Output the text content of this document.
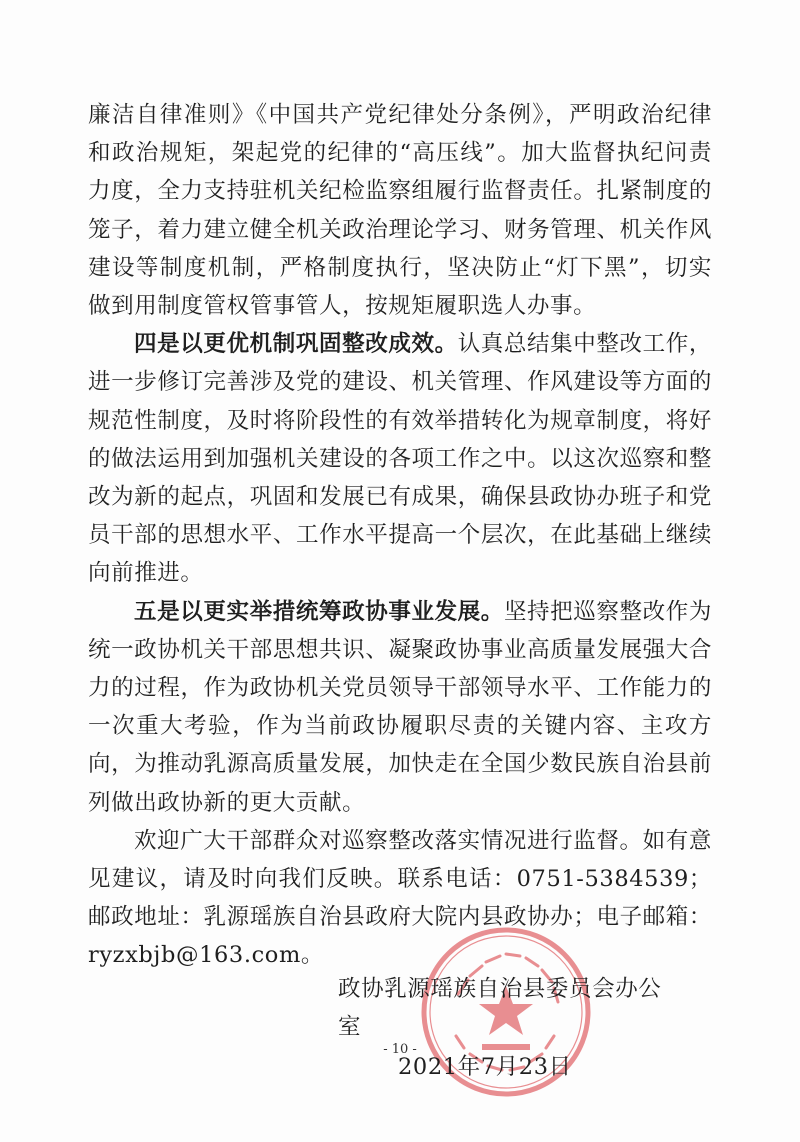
廉洁自律准则》《中国共产党纪律处分条例》，严明政治纪律和政治规矩，架起党的纪律的“高压线”。加大监督执纪问责力度，全力支持驻机关纪检监察组履行监督责任。扎紧制度的笼子，着力建立健全机关政治理论学习、财务管理、机关作风建设等制度机制，严格制度执行，坚决防止“灯下黑”，切实做到用制度管权管事管人，按规矩履职选人办事。

四是以更优机制巩固整改成效。认真总结集中整改工作，进一步修订完善涉及党的建设、机关管理、作风建设等方面的规范性制度，及时将阶段性的有效举措转化为规章制度，将好的做法运用到加强机关建设的各项工作之中。以这次巡察和整改为新的起点，巩固和发展已有成果，确保县政协办班子和党员干部的思想水平、工作水平提高一个层次，在此基础上继续向前推进。

五是以更实举措统筹政协事业发展。坚持把巡察整改作为统一政协机关干部思想共识、凝聚政协事业高质量发展强大合力的过程，作为政协机关党员领导干部领导水平、工作能力的一次重大考验，作为当前政协履职尽责的关键内容、主攻方向，为推动乳源高质量发展，加快走在全国少数民族自治县前列做出政协新的更大贡献。

欢迎广大干部群众对巡察整改落实情况进行监督。如有意见建议，请及时向我们反映。联系电话：0751-5384539；邮政地址：乳源瑶族自治县政府大院内县政协办；电子邮箱：ryzxbjb@163.com。

政协乳源瑶族自治县委员会办公室
2021年7月23日
- 10 -
